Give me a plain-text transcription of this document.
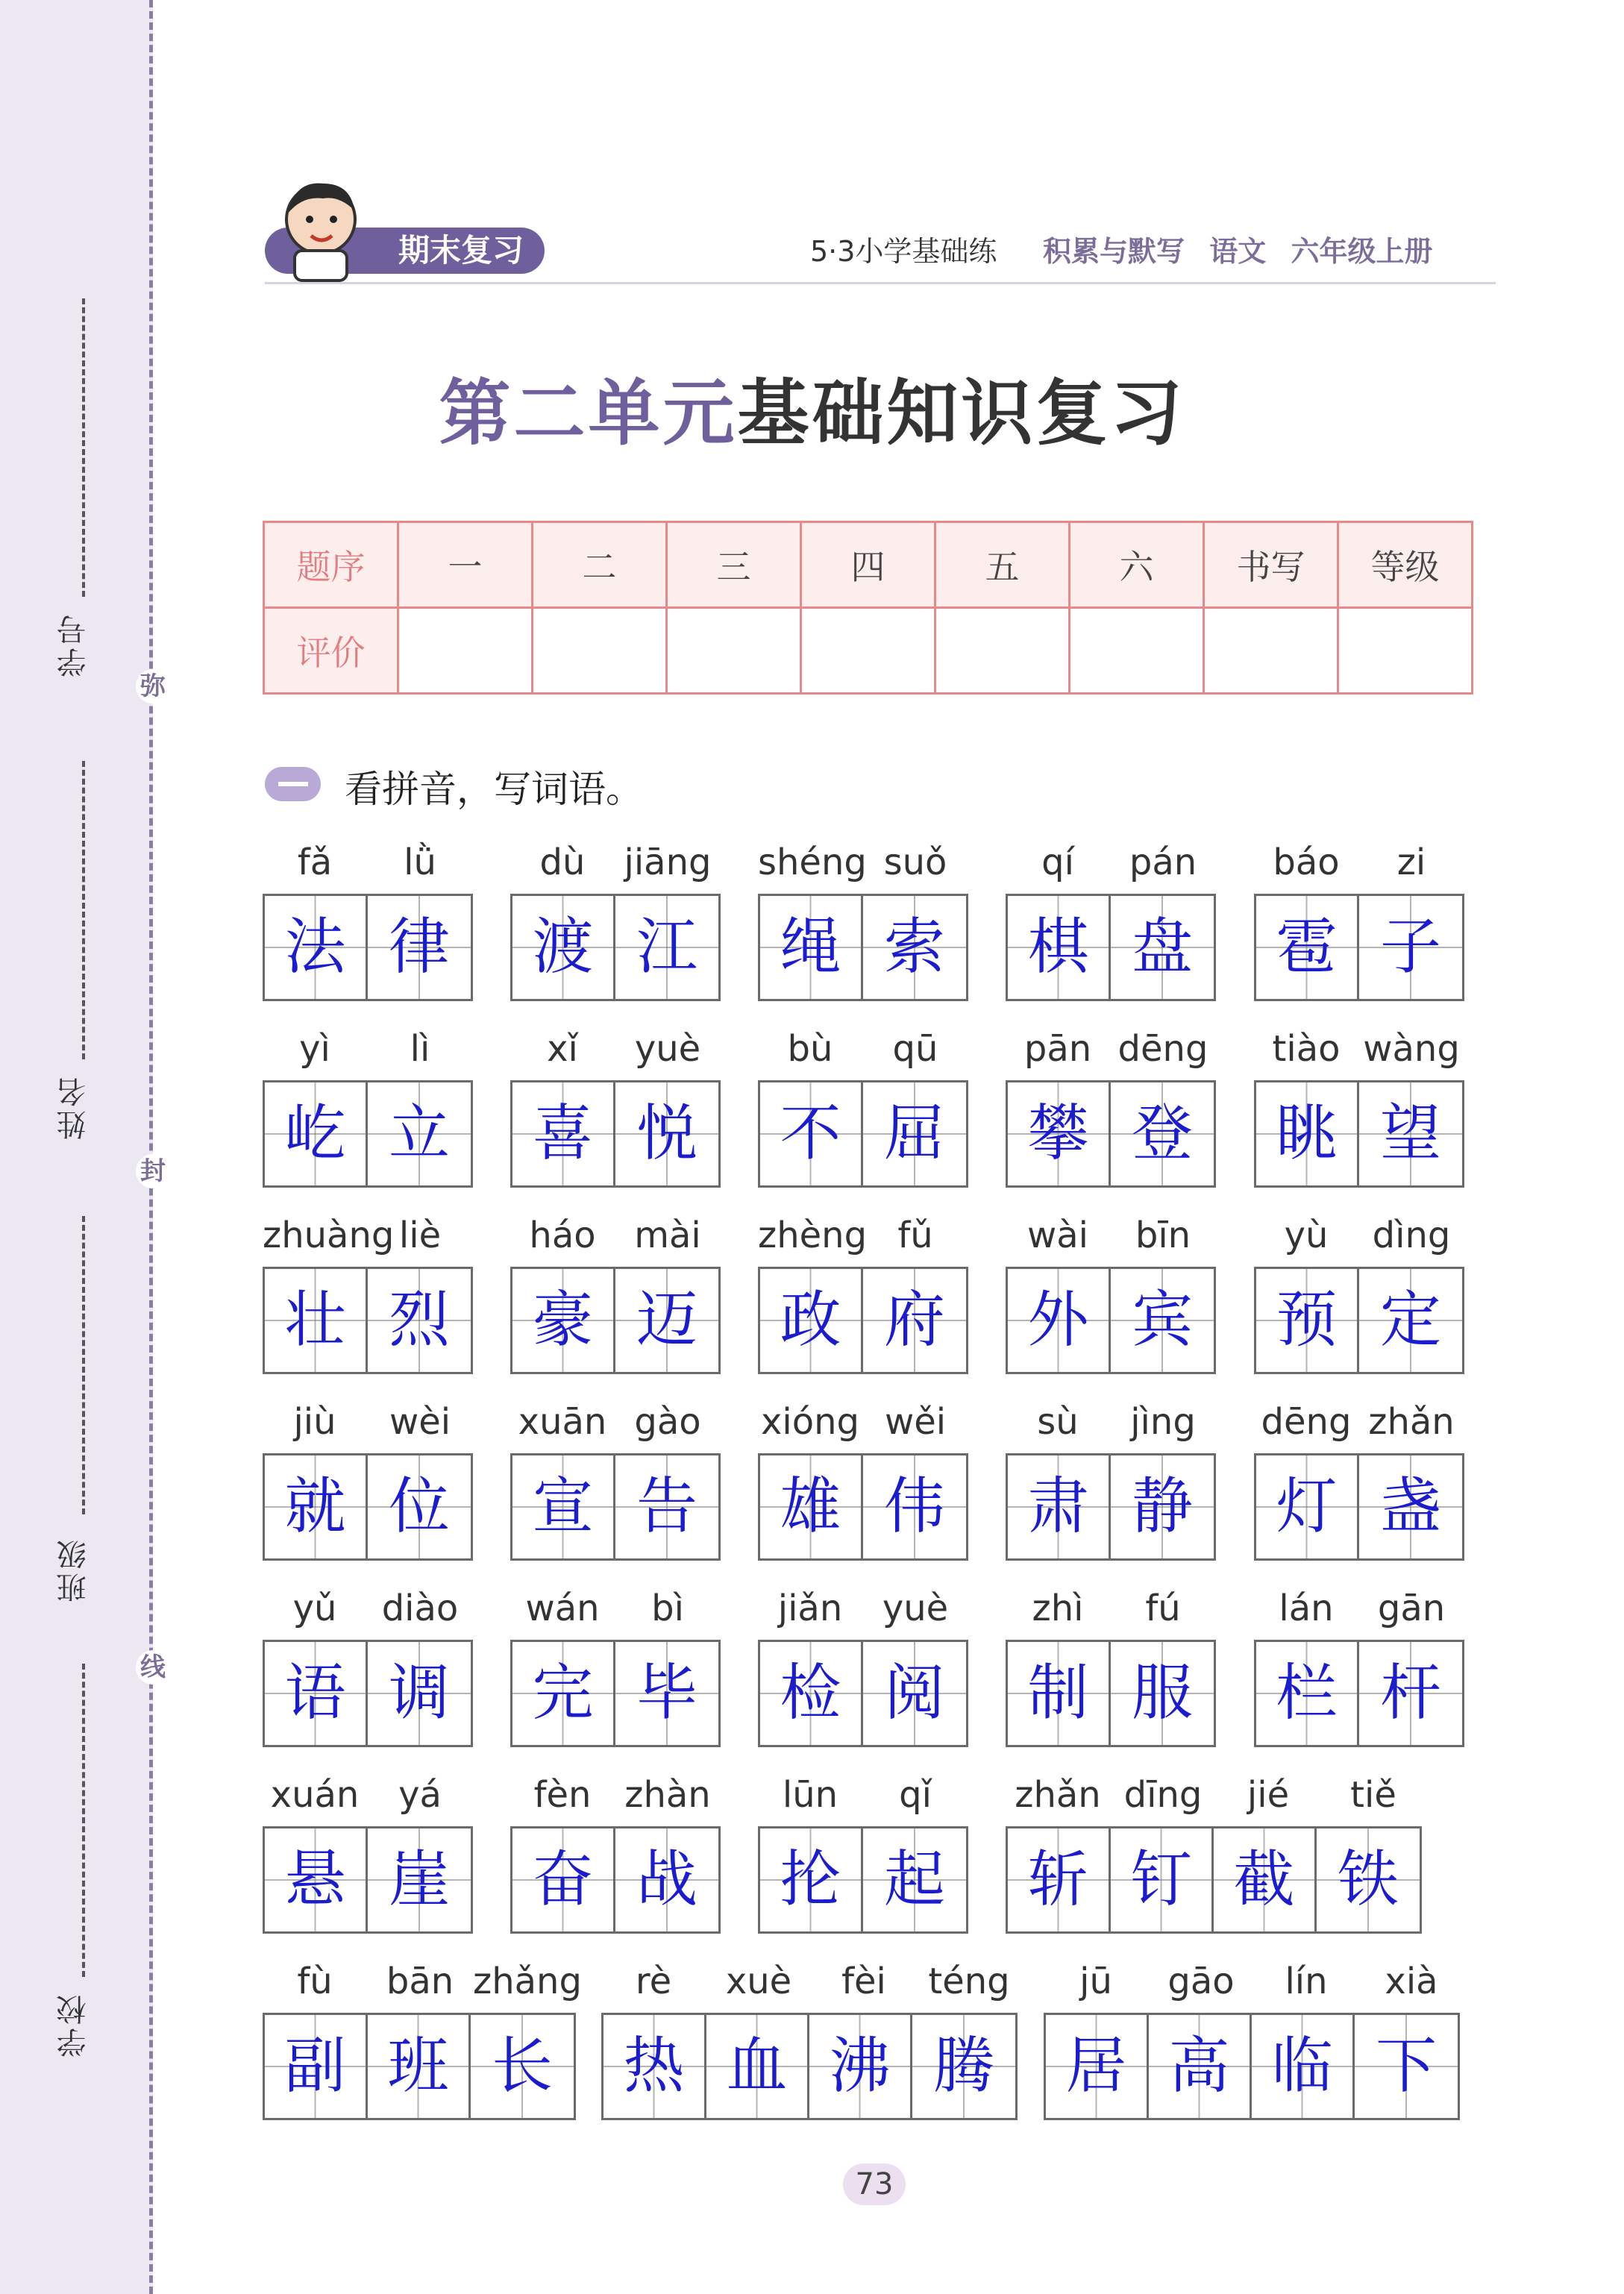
学号
姓名
班级
学校
弥
封
线
期末复习	5·3小学基础练 积累与默写 语文 六年级上册
第二单元基础知识复习
题序	一	二	三	四	五	六	书写	等级
评价								
看拼音，写词语。
fǎ	lǜ
法 律
dù	jiāng
渡 江
shéng suǒ
绳 索
qí	pán
棋 盘
báo	zi
雹 子
yì	lì
屹 立
xǐ	yuè
喜 悦
bù	qū
不 屈
pān dēng
攀 登
tiào wàng
眺 望
zhuàng liè
壮 烈
háo	mài
豪 迈
zhèng fǔ
政 府
wài	bīn
外 宾
yù	dìng
预 定
jiù	wèi
就 位
xuān gào
宣 告
xióng wěi
雄 伟
sù	jìng
肃 静
dēng zhǎn
灯 盏
yǔ	diào
语 调
wán	bì
完 毕
jiǎn	yuè
检 阅
zhì	fú
制 服
lán	gān
栏 杆
xuán	yá
悬 崖
fèn zhàn
奋 战
lūn	qǐ
抡 起
zhǎn dīng	jié	tiě
斩 钉 截 铁
fù	bān zhǎng
副 班 长
rè	xuè	fèi	téng
热 血 沸 腾
jū	gāo	lín	xià
居 高 临 下
73
